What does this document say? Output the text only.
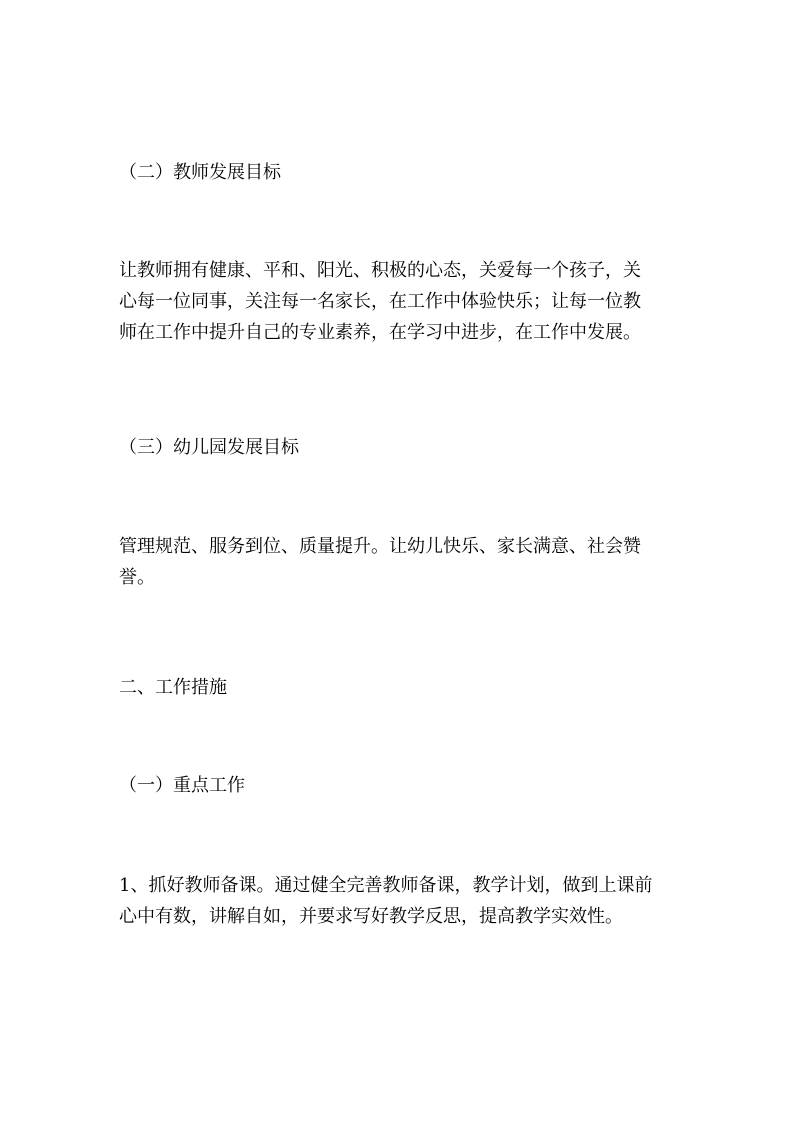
（二）教师发展目标

让教师拥有健康、平和、阳光、积极的心态，关爱每一个孩子，关
心每一位同事，关注每一名家长，在工作中体验快乐；让每一位教
师在工作中提升自己的专业素养，在学习中进步，在工作中发展。

（三）幼儿园发展目标

管理规范、服务到位、质量提升。让幼儿快乐、家长满意、社会赞
誉。

二、工作措施
（一）重点工作

1、抓好教师备课。通过健全完善教师备课，教学计划，做到上课前
心中有数，讲解自如，并要求写好教学反思，提高教学实效性。
